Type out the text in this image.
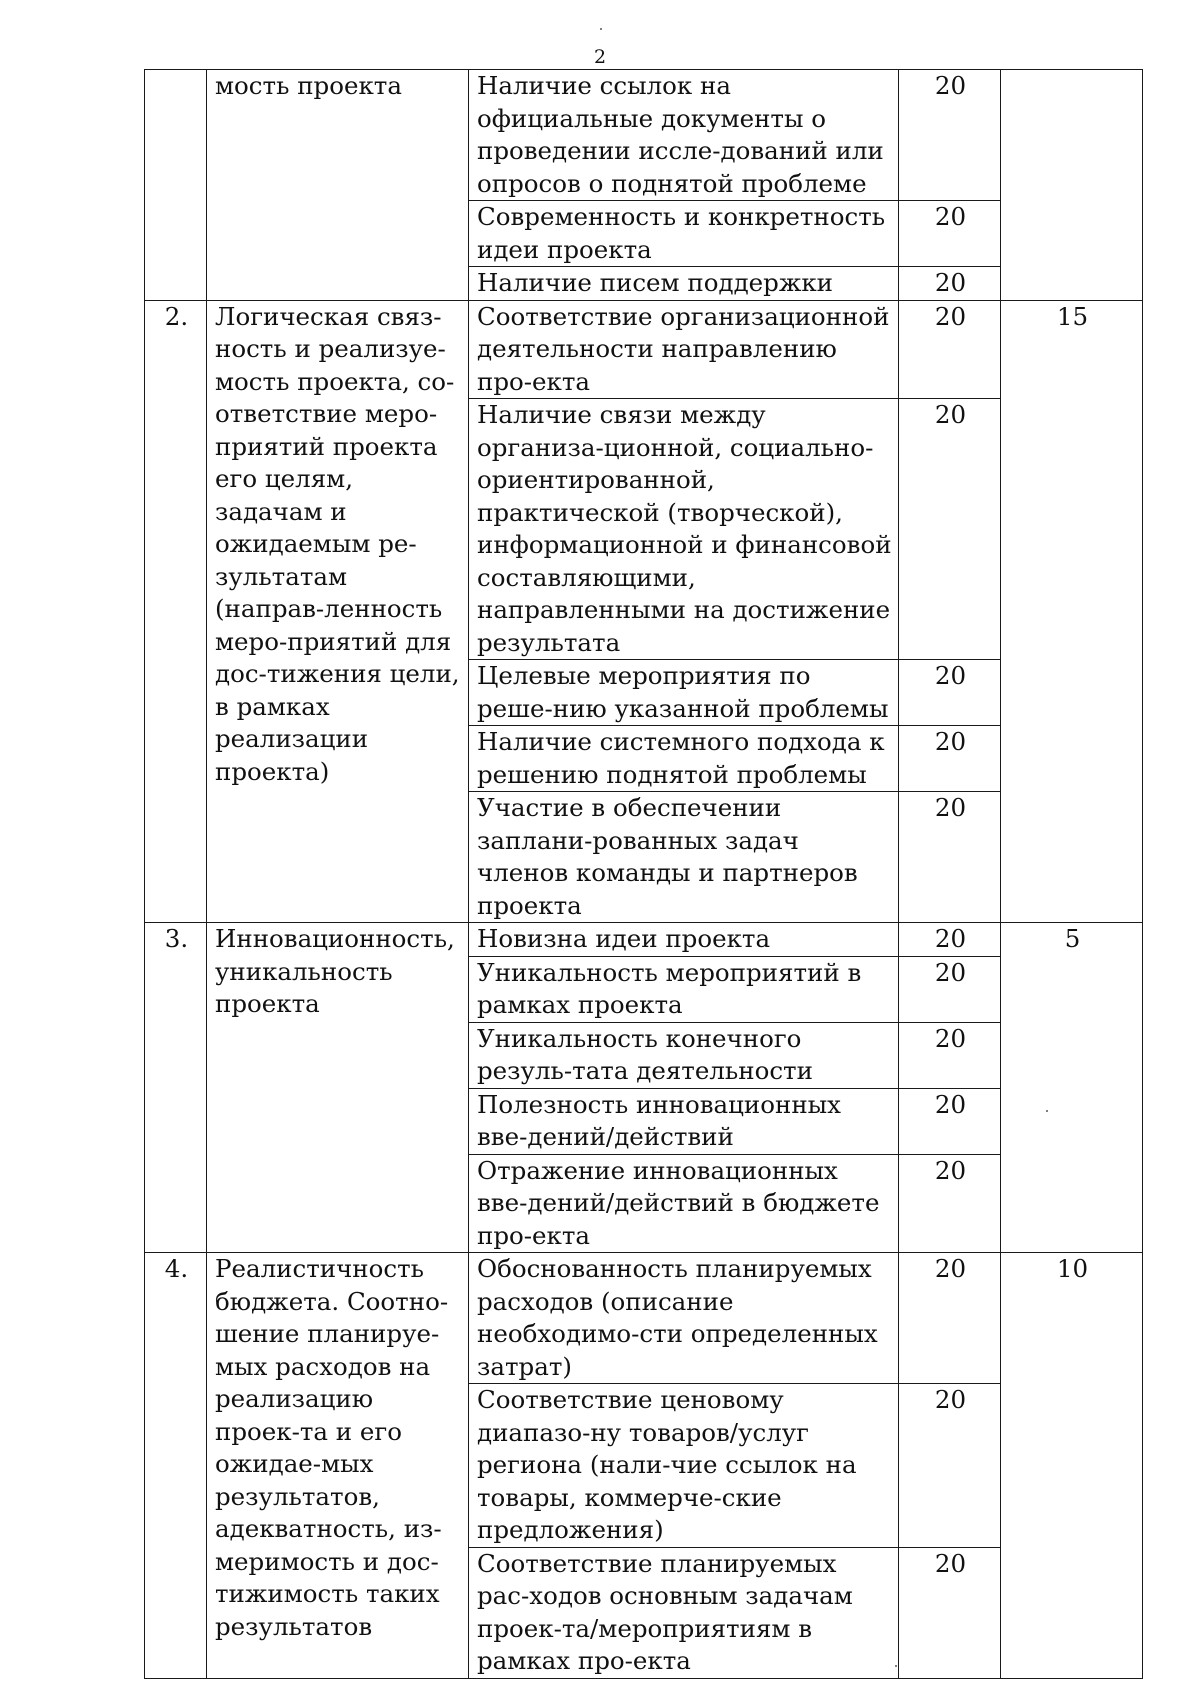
2
	мость проекта	Наличие ссылок на официальные документы о проведении иссле-дований или опросов о поднятой проблеме	20	
		Современность и конкретность идеи проекта	20	
		Наличие писем поддержки	20	
2.	Логическая связ-ность и реализуе-мость проекта, со-ответствие меро-приятий проекта его целям, задачам и ожидаемым ре-зультатам (направ-ленность меро-приятий для дос-тижения цели, в рамках реализации проекта)	Соответствие организационной деятельности направлению про-екта	20	15
		Наличие связи между организа-ционной, социально-ориентированной, практической (творческой), информационной и финансовой составляющими, направленными на достижение результата	20	
		Целевые мероприятия по реше-нию указанной проблемы	20	
		Наличие системного подхода к решению поднятой проблемы	20	
		Участие в обеспечении заплани-рованных задач членов команды и партнеров проекта	20	
3.	Инновационность, уникальность проекта	Новизна идеи проекта	20	5
		Уникальность мероприятий в рамках проекта	20	
		Уникальность конечного резуль-тата деятельности	20	
		Полезность инновационных вве-дений/действий	20	
		Отражение инновационных вве-дений/действий в бюджете про-екта	20	
4.	Реалистичность бюджета. Соотно-шение планируе-мых расходов на реализацию проек-та и его ожидае-мых результатов, адекватность, из-меримость и дос-тижимость таких результатов	Обоснованность планируемых расходов (описание необходимо-сти определенных затрат)	20	10
		Соответствие ценовому диапазо-ну товаров/услуг региона (нали-чие ссылок на товары, коммерче-ские предложения)	20	
		Соответствие планируемых рас-ходов основным задачам проек-та/мероприятиям в рамках про-екта	20	
